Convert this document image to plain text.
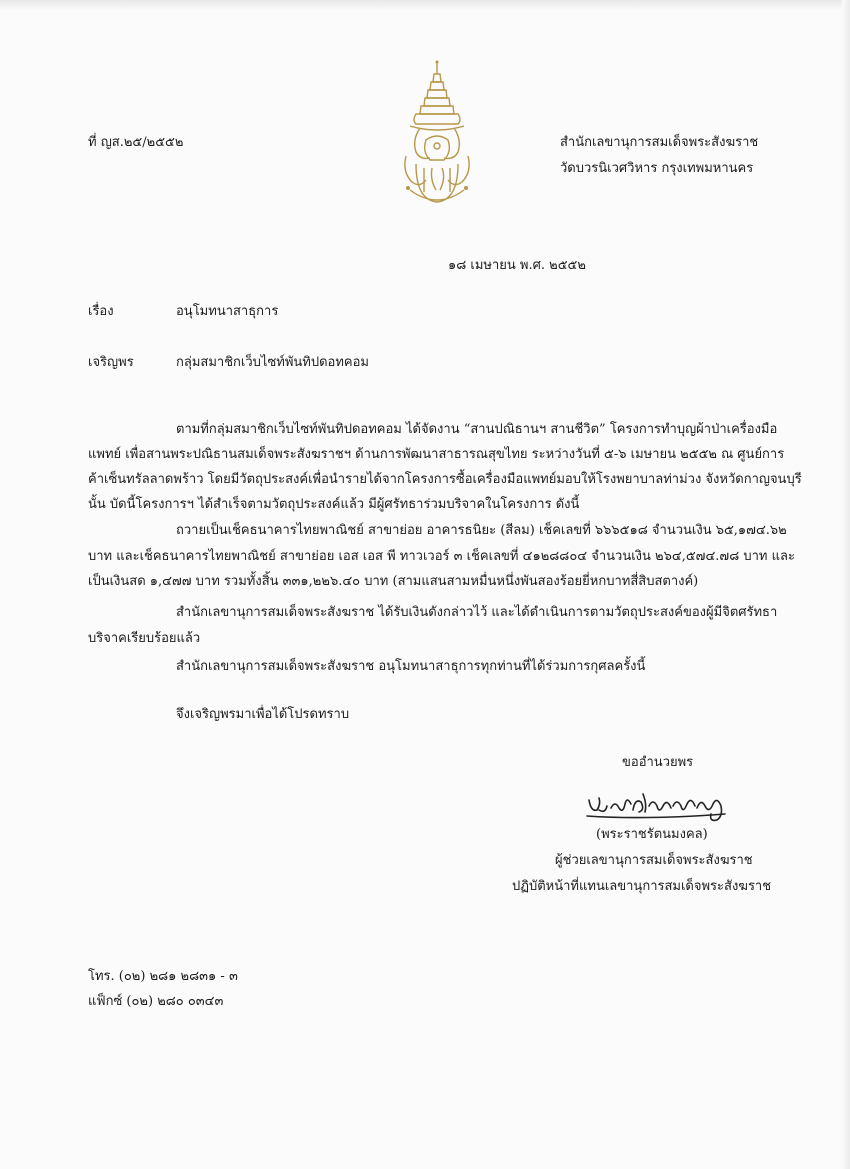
ที่ ญส.๒๕/๒๕๕๒	สำนักเลขานุการสมเด็จพระสังฆราช
วัดบวรนิเวศวิหาร กรุงเทพมหานคร
๑๘ เมษายน พ.ศ. ๒๕๕๒
เรื่อง	อนุโมทนาสาธุการ
เจริญพร	กลุ่มสมาชิกเว็บไซท์พันทิปดอทคอม
ตามที่กลุ่มสมาชิกเว็บไซท์พันทิปดอทคอม ได้จัดงาน “สานปณิธานฯ สานชีวิต” โครงการทำบุญผ้าป่าเครื่องมือ
แพทย์ เพื่อสานพระปณิธานสมเด็จพระสังฆราชฯ ด้านการพัฒนาสาธารณสุขไทย ระหว่างวันที่ ๕-๖ เมษายน ๒๕๕๒ ณ ศูนย์การ
ค้าเซ็นทรัลลาดพร้าว โดยมีวัตถุประสงค์เพื่อนำรายได้จากโครงการซื้อเครื่องมือแพทย์มอบให้โรงพยาบาลท่าม่วง จังหวัดกาญจนบุรี
นั้น บัดนี้โครงการฯ ได้สำเร็จตามวัตถุประสงค์แล้ว มีผู้ศรัทธาร่วมบริจาคในโครงการ ดังนี้
ถวายเป็นเช็คธนาคารไทยพาณิชย์ สาขาย่อย อาคารธนิยะ (สีลม) เช็คเลขที่ ๖๖๖๕๑๘ จำนวนเงิน ๖๕,๑๗๔.๖๒
บาท และเช็คธนาคารไทยพาณิชย์ สาขาย่อย เอส เอส พี ทาวเวอร์ ๓ เช็คเลขที่ ๔๑๒๘๘๐๔ จำนวนเงิน ๒๖๔,๕๗๔.๗๘ บาท และ
เป็นเงินสด ๑,๔๗๗ บาท รวมทั้งสิ้น ๓๓๑,๒๒๖.๔๐ บาท (สามแสนสามหมื่นหนึ่งพันสองร้อยยี่หกบาทสี่สิบสตางค์)
สำนักเลขานุการสมเด็จพระสังฆราช ได้รับเงินดังกล่าวไว้ และได้ดำเนินการตามวัตถุประสงค์ของผู้มีจิตศรัทธา
บริจาคเรียบร้อยแล้ว
สำนักเลขานุการสมเด็จพระสังฆราช อนุโมทนาสาธุการทุกท่านที่ได้ร่วมการกุศลครั้งนี้
จึงเจริญพรมาเพื่อได้โปรดทราบ
ขออำนวยพร
(พระราชรัตนมงคล)
ผู้ช่วยเลขานุการสมเด็จพระสังฆราช
ปฏิบัติหน้าที่แทนเลขานุการสมเด็จพระสังฆราช
โทร. (๐๒) ๒๘๑ ๒๘๓๑ - ๓
แฟ็กซ์ (๐๒) ๒๘๐ ๐๓๔๓
